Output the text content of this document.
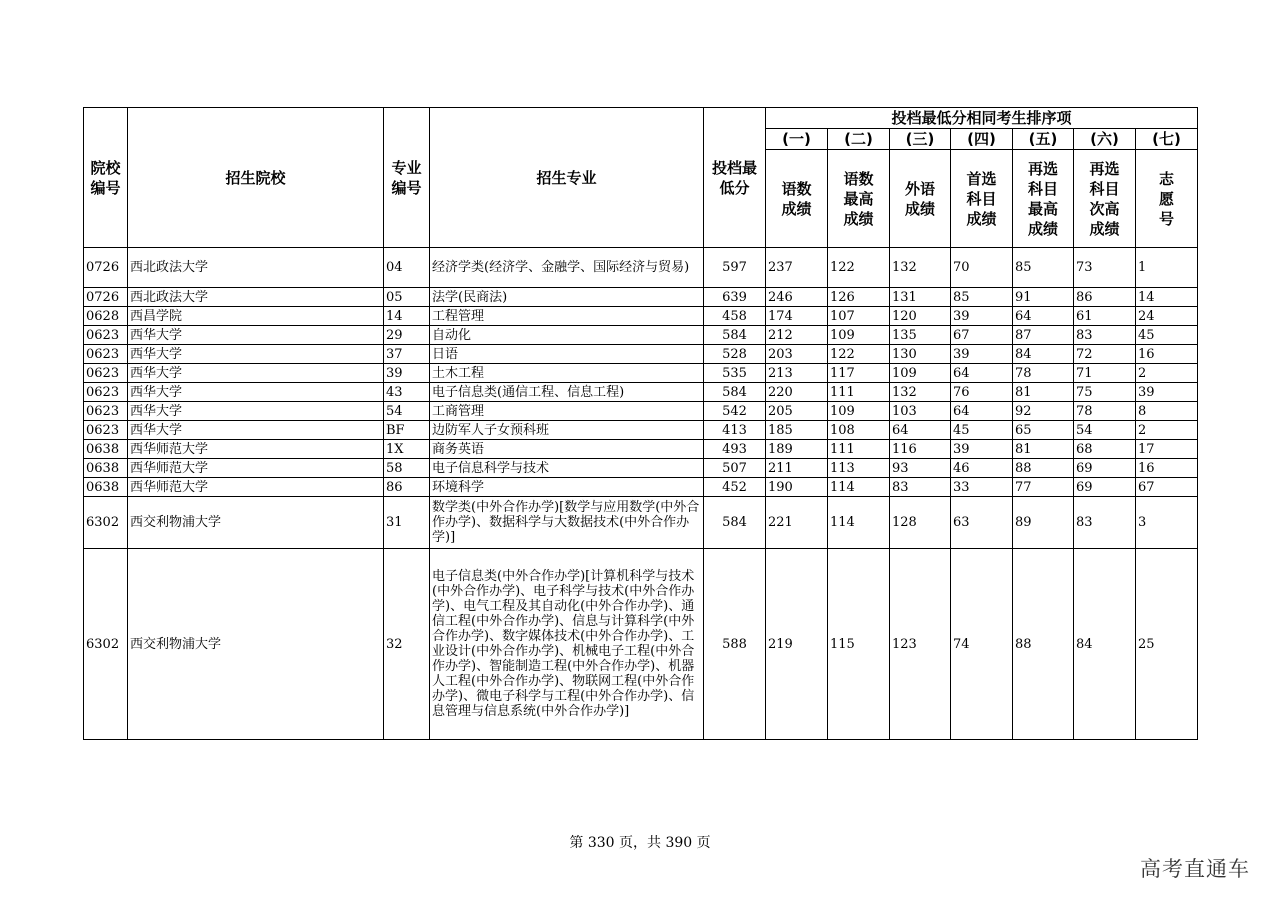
院校编号	招生院校	专业编号	招生专业	投档最低分	投档最低分相同考生排序项						
					(一)	(二)	(三)	(四)	(五)	(六)	(七)

					语数成绩	语数最高成绩	外语成绩	首选科目成绩	再选科目最高成绩	再选科目次高成绩	志愿号

0726	西北政法大学	04	经济学类(经济学、金融学、国际经济与贸易)	597	237	122	132	70	85	73	1
0726	西北政法大学	05	法学(民商法)	639	246	126	131	85	91	86	14
0628	西昌学院	14	工程管理	458	174	107	120	39	64	61	24
0623	西华大学	29	自动化	584	212	109	135	67	87	83	45
0623	西华大学	37	日语	528	203	122	130	39	84	72	16
0623	西华大学	39	土木工程	535	213	117	109	64	78	71	2
0623	西华大学	43	电子信息类(通信工程、信息工程)	584	220	111	132	76	81	75	39
0623	西华大学	54	工商管理	542	205	109	103	64	92	78	8
0623	西华大学	BF	边防军人子女预科班	413	185	108	64	45	65	54	2
0638	西华师范大学	1X	商务英语	493	189	111	116	39	81	68	17
0638	西华师范大学	58	电子信息科学与技术	507	211	113	93	46	88	69	16
0638	西华师范大学	86	环境科学	452	190	114	83	33	77	69	67
6302	西交利物浦大学	31	数学类(中外合作办学)[数学与应用数学(中外合作办学)、数据科学与大数据技术(中外合作办学)]	584	221	114	128	63	89	83	3
6302	西交利物浦大学	32	电子信息类(中外合作办学)[计算机科学与技术(中外合作办学)、电子科学与技术(中外合作办学)、电气工程及其自动化(中外合作办学)、通信工程(中外合作办学)、信息与计算科学(中外合作办学)、数字媒体技术(中外合作办学)、工业设计(中外合作办学)、机械电子工程(中外合作办学)、智能制造工程(中外合作办学)、机器人工程(中外合作办学)、物联网工程(中外合作办学)、微电子科学与工程(中外合作办学)、信息管理与信息系统(中外合作办学)]	588	219	115	123	74	88	84	25
第 330 页，共 390 页
高考直通车
